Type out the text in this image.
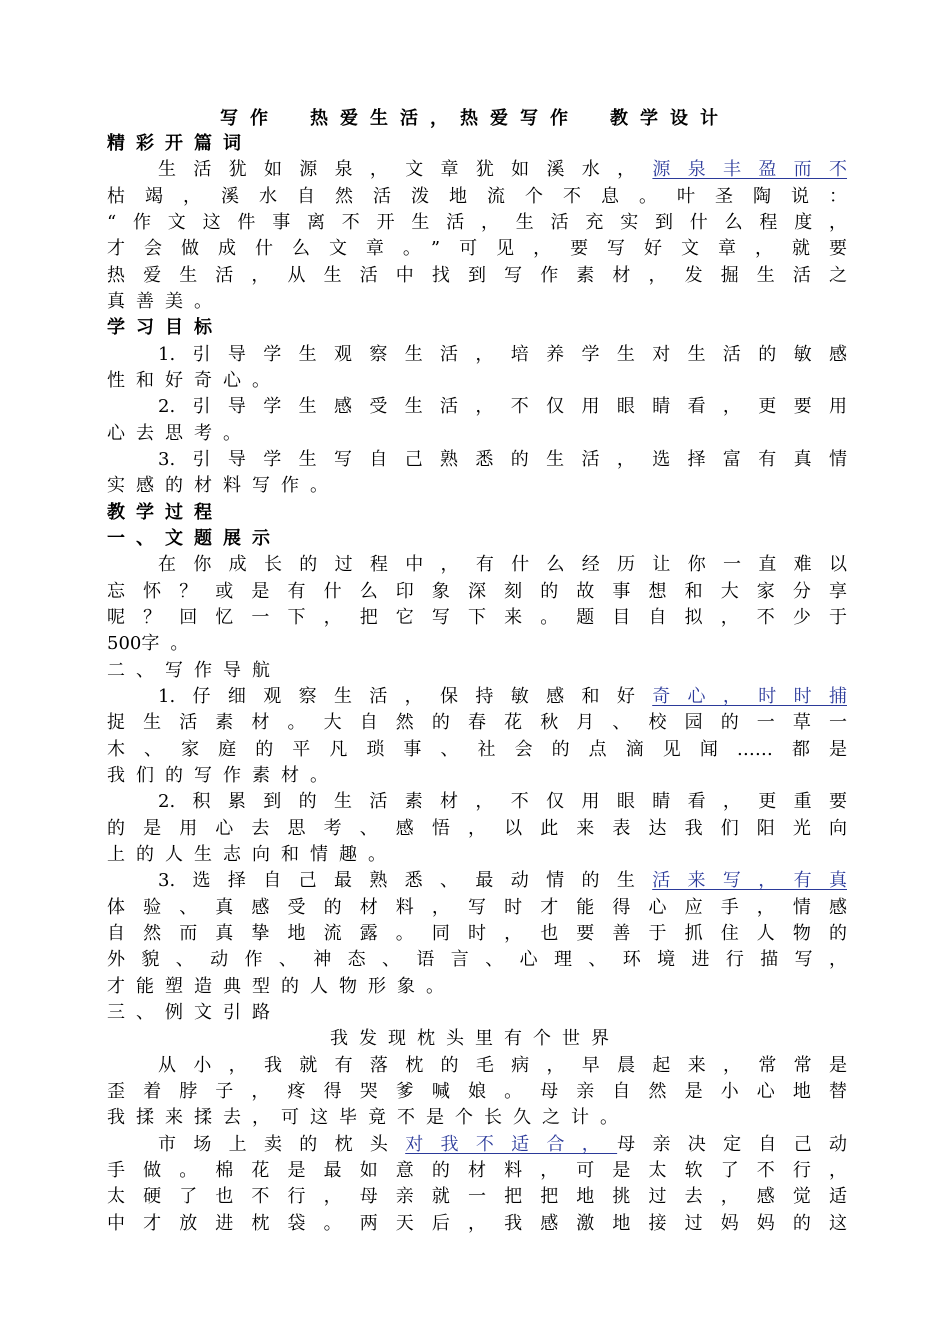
写作　热爱生活，热爱写作　教学设计
精彩开篇词
生活犹如源泉，文章犹如溪水，源泉丰盈而不
枯竭，溪水自然活泼地流个不息。叶圣陶说：
“作文这件事离不开生活，生活充实到什么程度，
才会做成什么文章。”可见，要写好文章，就要
热爱生活，从生活中找到写作素材，发掘生活之
真善美。
学习目标
1.引导学生观察生活，培养学生对生活的敏感
性和好奇心。
2.引导学生感受生活，不仅用眼睛看，更要用
心去思考。
3.引导学生写自己熟悉的生活，选择富有真情
实感的材料写作。
教学过程
一、文题展示
在你成长的过程中，有什么经历让你一直难以
忘怀？或是有什么印象深刻的故事想和大家分享
呢？回忆一下，把它写下来。题目自拟，不少于
500字。
二、写作导航
1.仔细观察生活，保持敏感和好奇心，时时捕
捉生活素材。大自然的春花秋月、校园的一草一
木、家庭的平凡琐事、社会的点滴见闻……都是
我们的写作素材。
2.积累到的生活素材，不仅用眼睛看，更重要
的是用心去思考、感悟，以此来表达我们阳光向
上的人生志向和情趣。
3.选择自己最熟悉、最动情的生活来写，有真
体验、真感受的材料，写时才能得心应手，情感
自然而真挚地流露。同时，也要善于抓住人物的
外貌、动作、神态、语言、心理、环境进行描写，
才能塑造典型的人物形象。
三、例文引路
我发现枕头里有个世界
从小，我就有落枕的毛病，早晨起来，常常是
歪着脖子，疼得哭爹喊娘。母亲自然是小心地替
我揉来揉去，可这毕竟不是个长久之计。
市场上卖的枕头对我不适合，母亲决定自己动
手做。棉花是最如意的材料，可是太软了不行，
太硬了也不行，母亲就一把把地挑过去，感觉适
中才放进枕袋。两天后，我感激地接过妈妈的这
